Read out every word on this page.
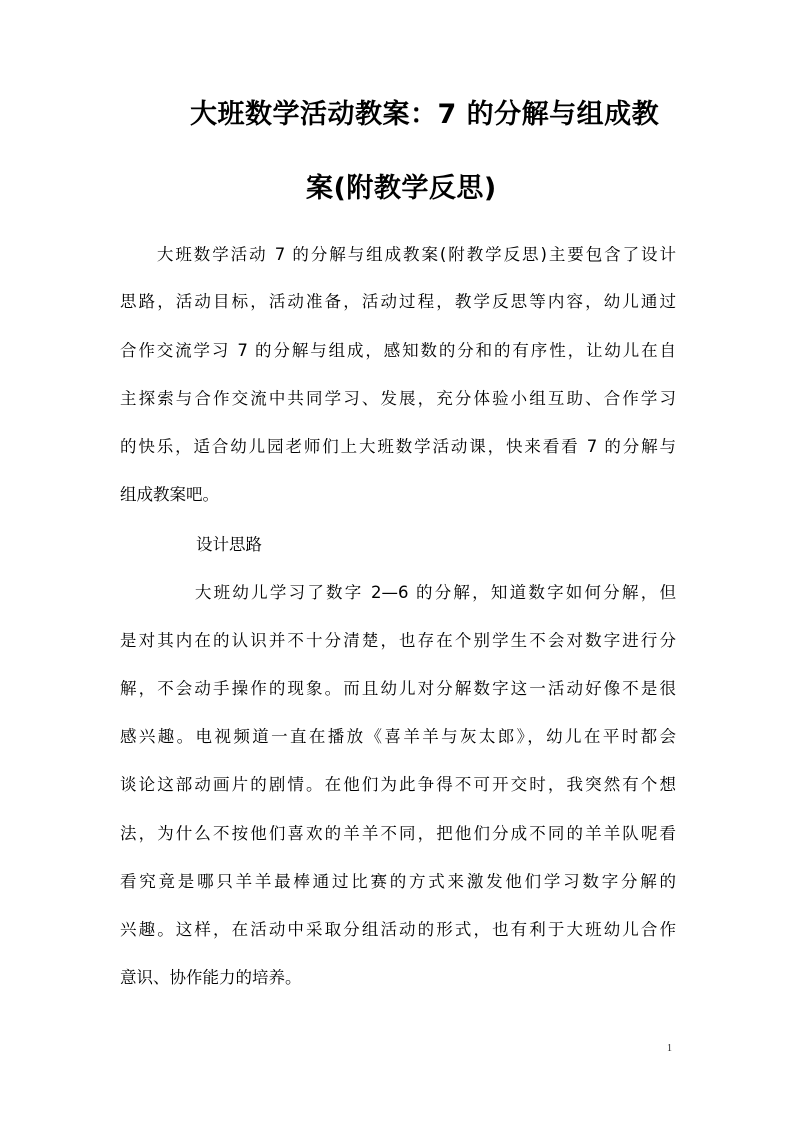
大班数学活动教案：7 的分解与组成教
案(附教学反思)
　　大班数学活动 7 的分解与组成教案(附教学反思)主要包含了设计
思路，活动目标，活动准备，活动过程，教学反思等内容，幼儿通过
合作交流学习 7 的分解与组成，感知数的分和的有序性，让幼儿在自
主探索与合作交流中共同学习、发展，充分体验小组互助、合作学习
的快乐，适合幼儿园老师们上大班数学活动课，快来看看 7 的分解与
组成教案吧。
设计思路
　　　　大班幼儿学习了数字 2—6 的分解，知道数字如何分解，但
是对其内在的认识并不十分清楚，也存在个别学生不会对数字进行分
解，不会动手操作的现象。而且幼儿对分解数字这一活动好像不是很
感兴趣。电视频道一直在播放《喜羊羊与灰太郎》，幼儿在平时都会
谈论这部动画片的剧情。在他们为此争得不可开交时，我突然有个想
法，为什么不按他们喜欢的羊羊不同，把他们分成不同的羊羊队呢看
看究竟是哪只羊羊最棒通过比赛的方式来激发他们学习数字分解的
兴趣。这样，在活动中采取分组活动的形式，也有利于大班幼儿合作
意识、协作能力的培养。
1
